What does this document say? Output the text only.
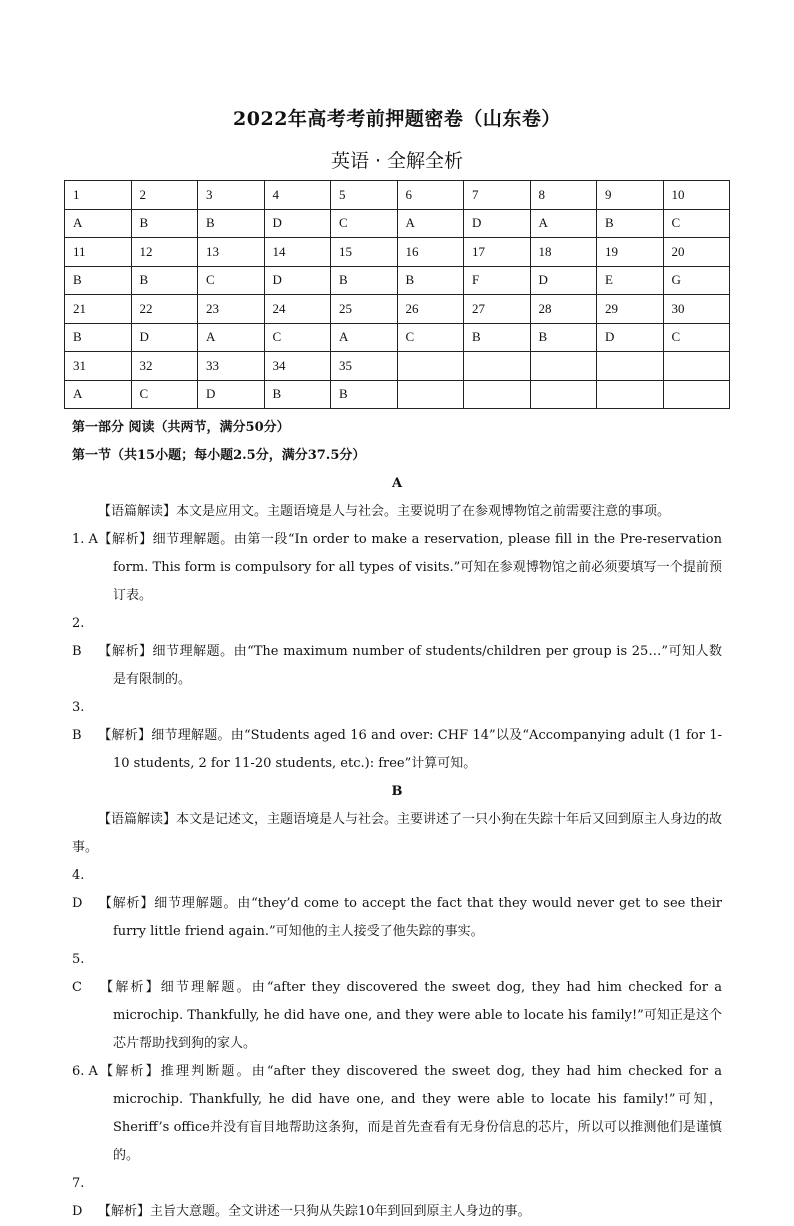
2022年高考考前押题密卷（山东卷）
英语 · 全解全析
1	2	3	4	5	6	7	8	9	10
A	B	B	D	C	A	D	A	B	C
11	12	13	14	15	16	17	18	19	20
B	B	C	D	B	B	F	D	E	G
21	22	23	24	25	26	27	28	29	30
B	D	A	C	A	C	B	B	D	C
31	32	33	34	35					
A	C	D	B	B					

第一部分 阅读（共两节，满分50分）

第一节（共15小题；每小题2.5分，满分37.5分）

A

【语篇解读】本文是应用文。主题语境是人与社会。主要说明了在参观博物馆之前需要注意的事项。

1. A【解析】细节理解题。由第一段“In order to make a reservation, please fill in the Pre-reservation form. This form is compulsory for all types of visits.”可知在参观博物馆之前必须要填写一个提前预订表。

2. B 【解析】细节理解题。由“The maximum number of students/children per group is 25…”可知人数是有限制的。

3. B 【解析】细节理解题。由“Students aged 16 and over: CHF 14”以及“Accompanying adult (1 for 1-10 students, 2 for 11-20 students, etc.): free”计算可知。

B

【语篇解读】本文是记述文，主题语境是人与社会。主要讲述了一只小狗在失踪十年后又回到原主人身边的故事。

4. D 【解析】细节理解题。由“they’d come to accept the fact that they would never get to see their furry little friend again.”可知他的主人接受了他失踪的事实。

5. C 【解析】细节理解题。由“after they discovered the sweet dog, they had him checked for a microchip. Thankfully, he did have one, and they were able to locate his family!”可知正是这个芯片帮助找到狗的家人。

6. A【解析】推理判断题。由“after they discovered the sweet dog, they had him checked for a microchip. Thankfully, he did have one, and they were able to locate his family!”可知，Sheriff’s office并没有盲目地帮助这条狗，而是首先查看有无身份信息的芯片，所以可以推测他们是谨慎的。

7. D 【解析】主旨大意题。全文讲述一只狗从失踪10年到回到原主人身边的事。
